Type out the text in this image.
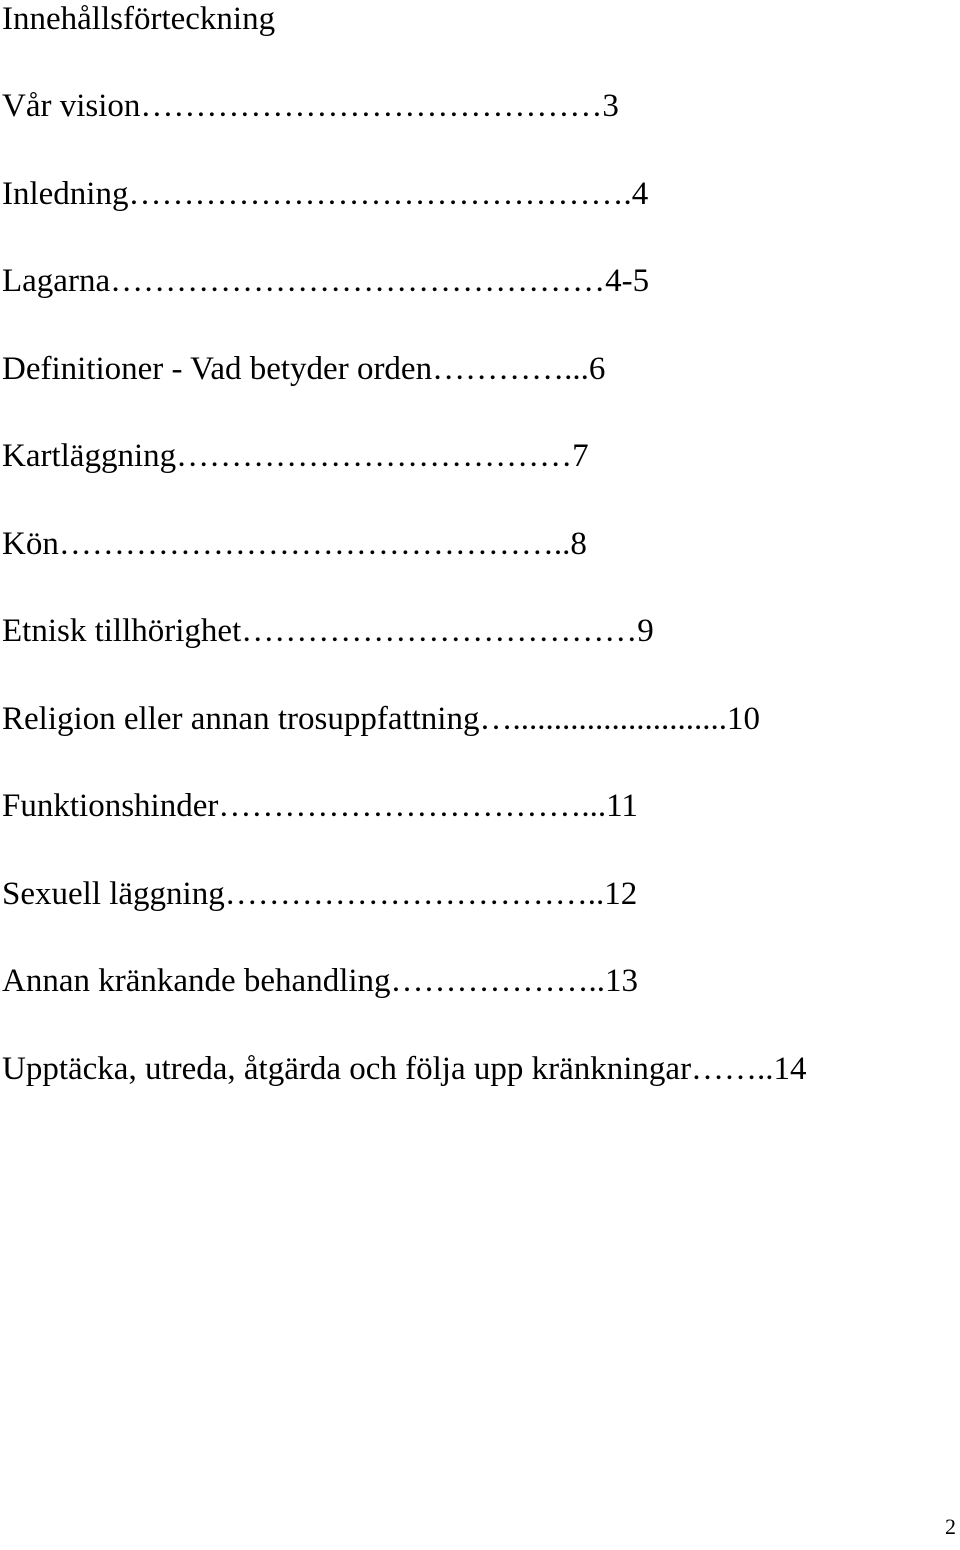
Innehållsförteckning
Vår vision……………………………………3
Inledning……………………………………….4
Lagarna………………………………………4-5
Definitioner - Vad betyder orden…………...6
Kartläggning………………………………7
Kön………………………………………..8
Etnisk tillhörighet………………………………9
Religion eller annan trosuppfattning…..........................10
Funktionshinder……………………………...11
Sexuell läggning……………………………..12
Annan kränkande behandling………………..13
Upptäcka, utreda, åtgärda och följa upp kränkningar……..14
2
